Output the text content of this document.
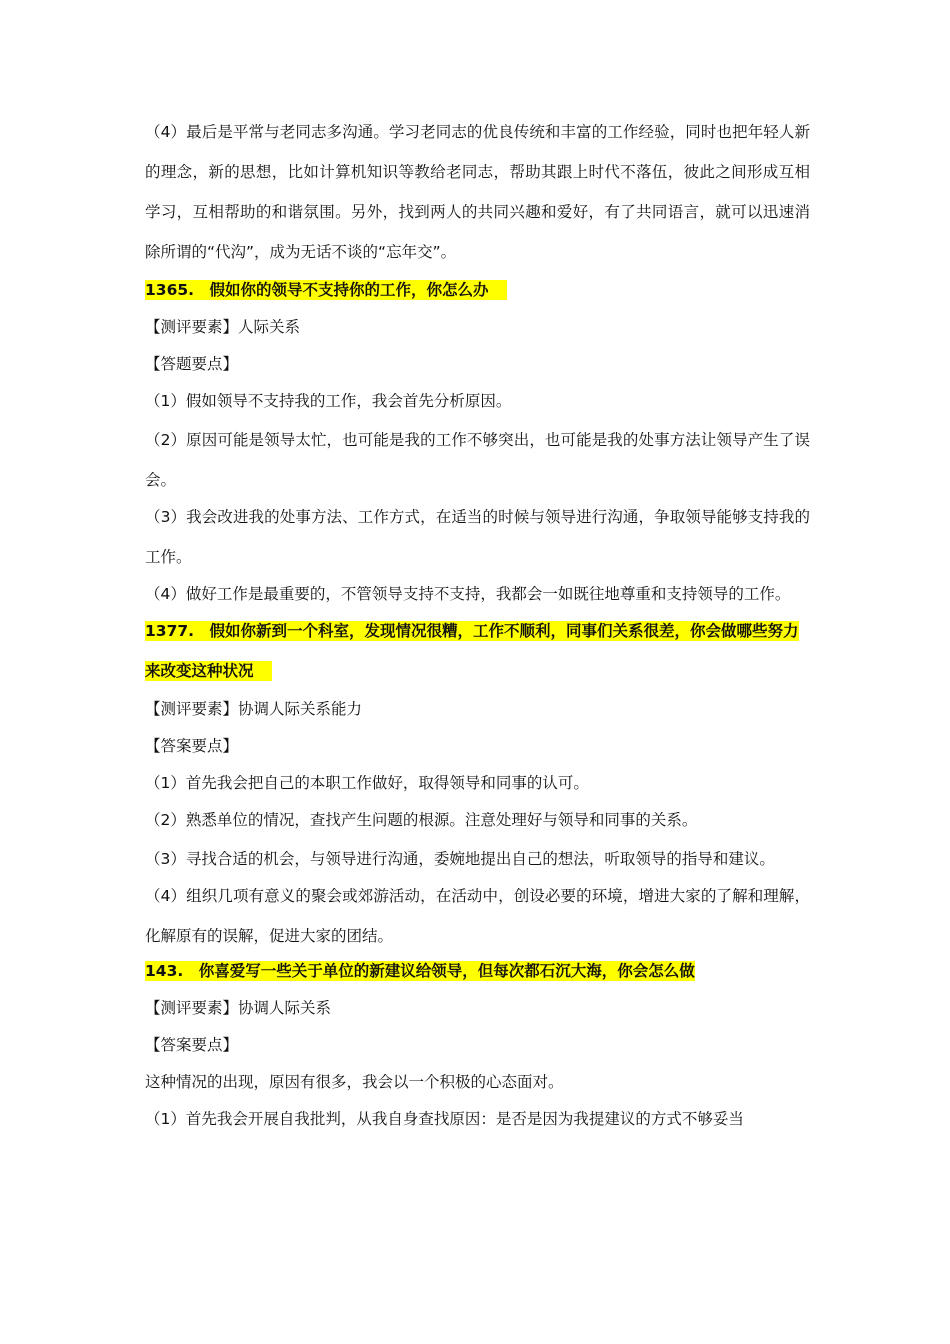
（4）最后是平常与老同志多沟通。学习老同志的优良传统和丰富的工作经验，同时也把年轻人新的理念，新的思想，比如计算机知识等教给老同志，帮助其跟上时代不落伍，彼此之间形成互相学习，互相帮助的和谐氛围。另外，找到两人的共同兴趣和爱好，有了共同语言，就可以迅速消除所谓的“代沟”，成为无话不谈的“忘年交”。

1365.　假如你的领导不支持你的工作，你怎么办

【测评要素】人际关系

【答题要点】

（1）假如领导不支持我的工作，我会首先分析原因。

（2）原因可能是领导太忙，也可能是我的工作不够突出，也可能是我的处事方法让领导产生了误会。

（3）我会改进我的处事方法、工作方式，在适当的时候与领导进行沟通，争取领导能够支持我的工作。

（4）做好工作是最重要的，不管领导支持不支持，我都会一如既往地尊重和支持领导的工作。

1377.　假如你新到一个科室，发现情况很糟，工作不顺利，同事们关系很差，你会做哪些努力来改变这种状况

【测评要素】协调人际关系能力

【答案要点】

（1）首先我会把自己的本职工作做好，取得领导和同事的认可。

（2）熟悉单位的情况，查找产生问题的根源。注意处理好与领导和同事的关系。

（3）寻找合适的机会，与领导进行沟通，委婉地提出自己的想法，听取领导的指导和建议。

（4）组织几项有意义的聚会或郊游活动，在活动中，创设必要的环境，增进大家的了解和理解，化解原有的误解，促进大家的团结。

143.　你喜爱写一些关于单位的新建议给领导，但每次都石沉大海，你会怎么做

【测评要素】协调人际关系

【答案要点】

这种情况的出现，原因有很多，我会以一个积极的心态面对。

（1）首先我会开展自我批判，从我自身查找原因：是否是因为我提建议的方式不够妥当
